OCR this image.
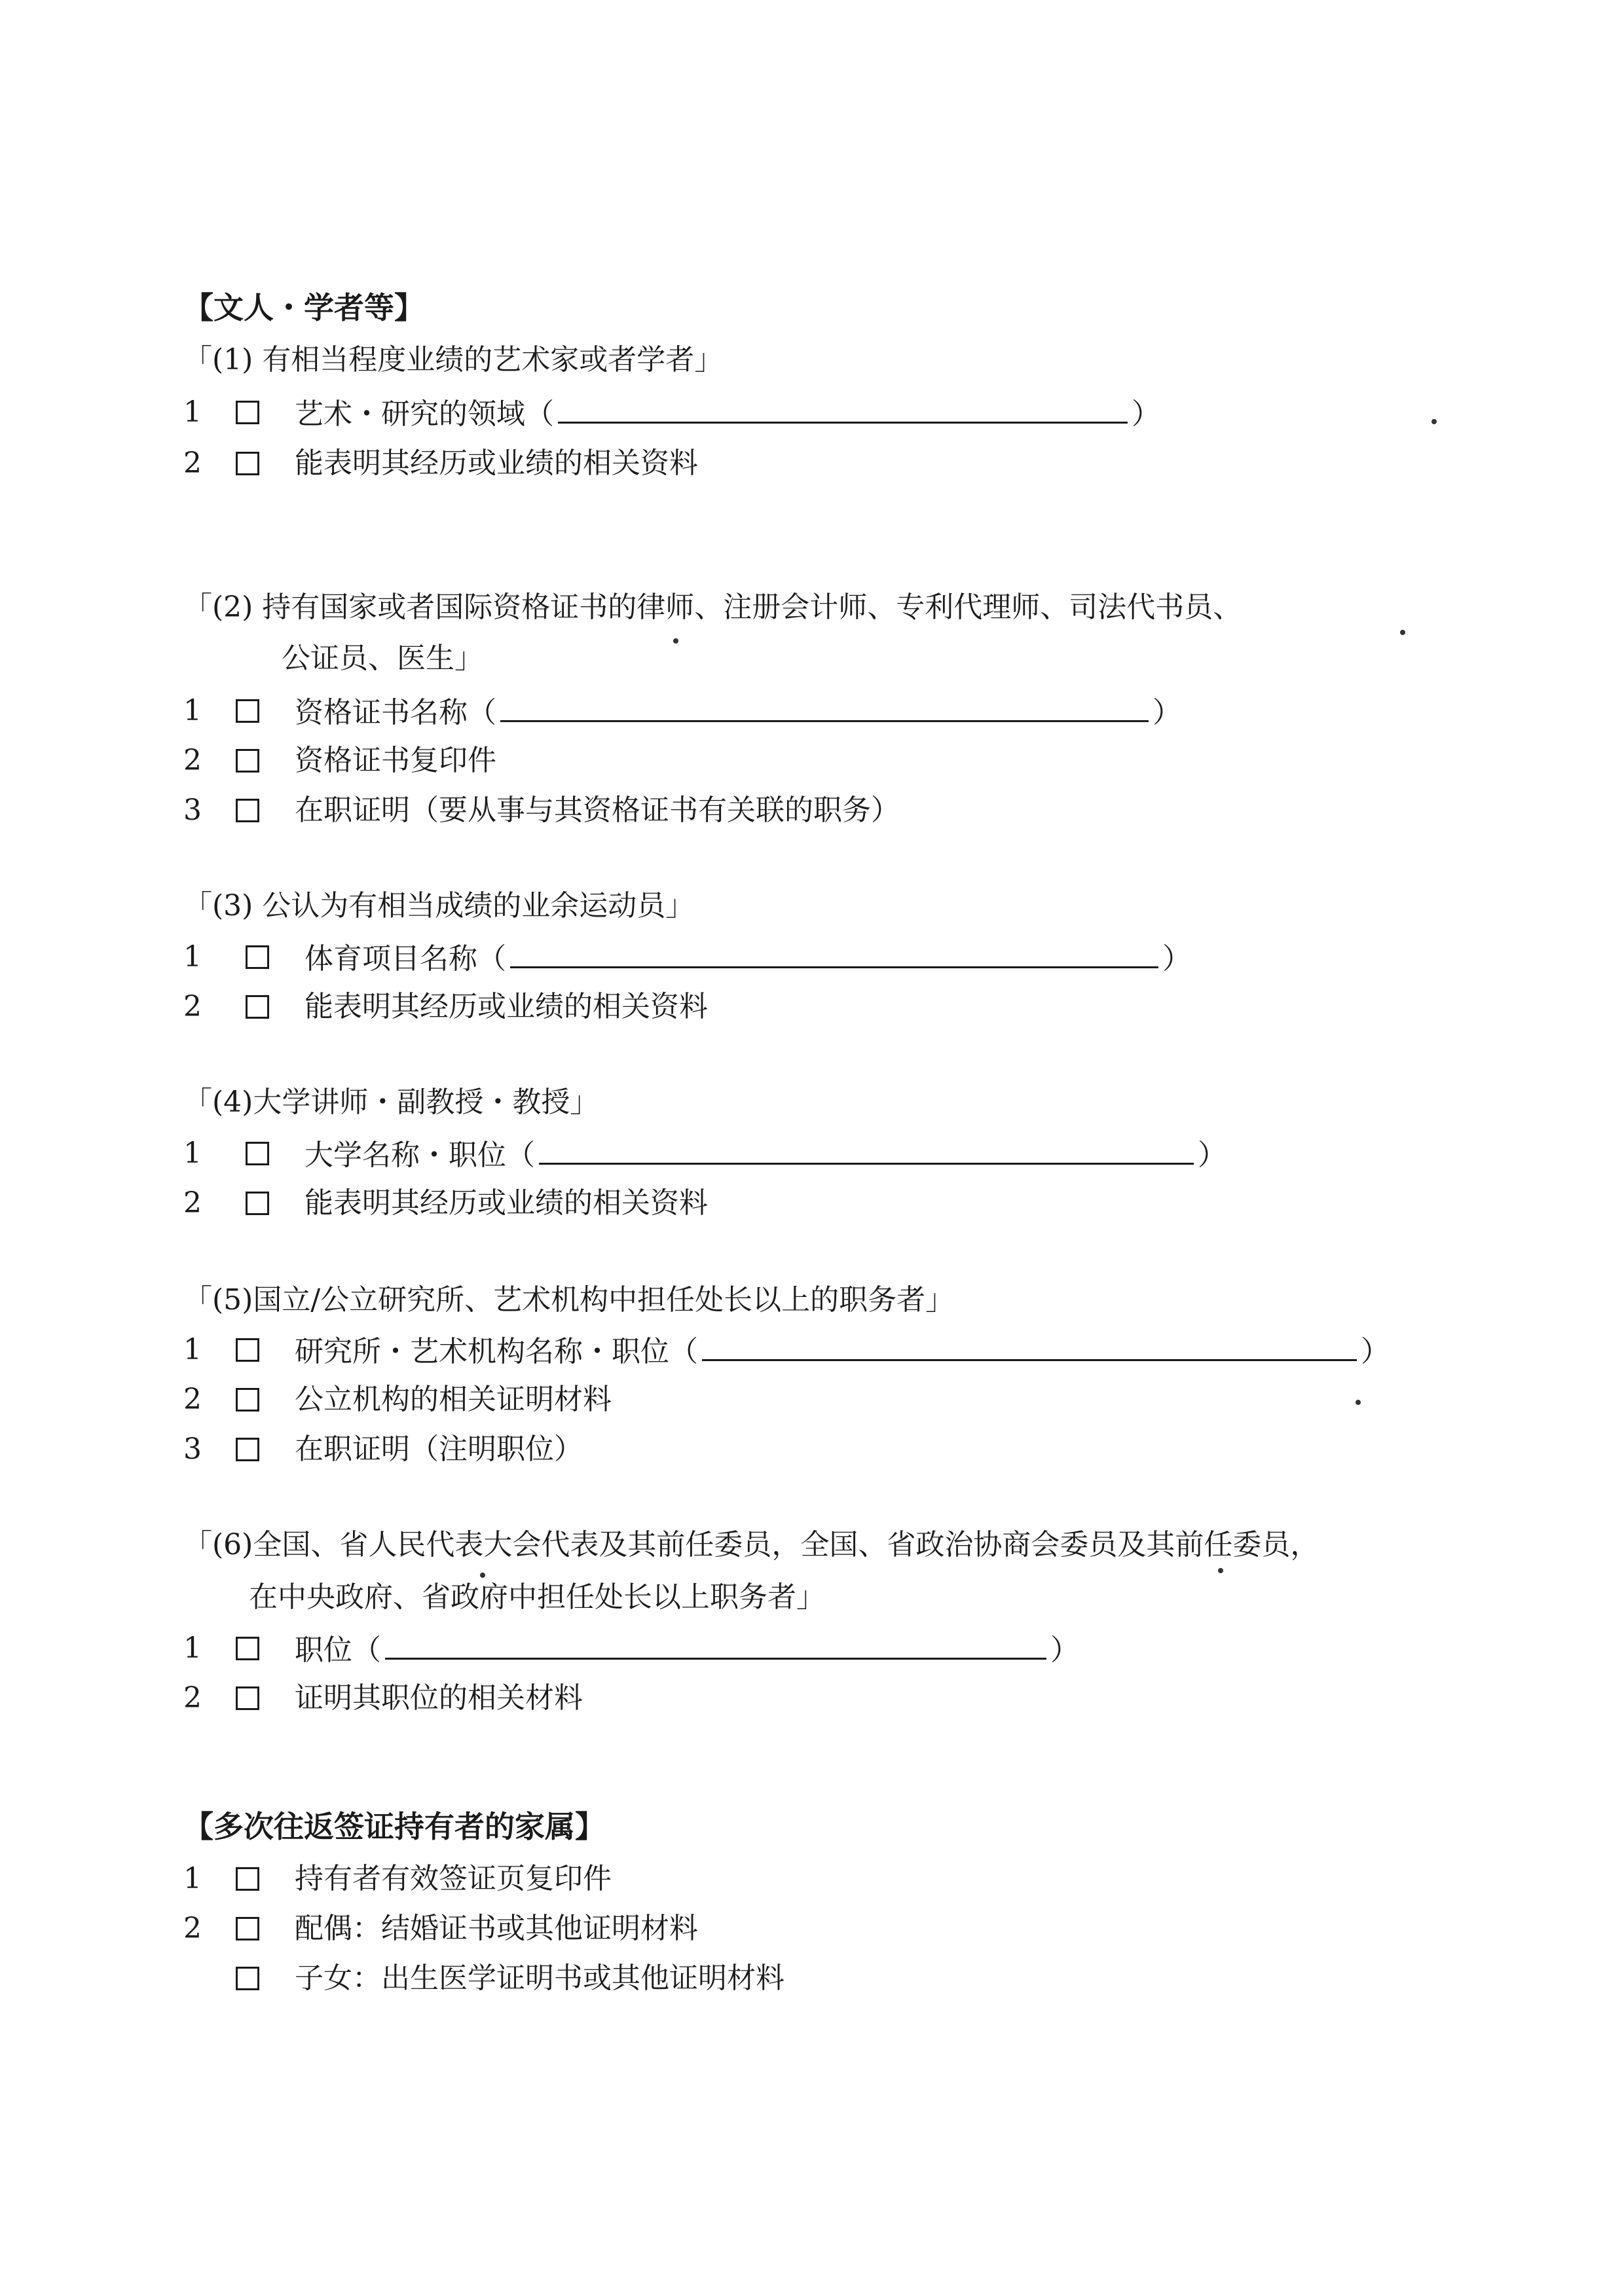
【文人・学者等】
「(1) 有相当程度业绩的艺术家或者学者」
1	艺术・研究的领域（	）
2	能表明其经历或业绩的相关资料
「(2) 持有国家或者国际资格证书的律师、注册会计师、专利代理师、司法代书员、
公证员、医生」
1	资格证书名称（	）
2	资格证书复印件
3	在职证明（要从事与其资格证书有关联的职务）
「(3) 公认为有相当成绩的业余运动员」
1	体育项目名称（	）
2	能表明其经历或业绩的相关资料
「(4)大学讲师・副教授・教授」
1	大学名称・职位（	）
2	能表明其经历或业绩的相关资料
「(5)国立/公立研究所、艺术机构中担任处长以上的职务者」
1	研究所・艺术机构名称・职位（	）
2	公立机构的相关证明材料
3	在职证明（注明职位）
「(6)全国、省人民代表大会代表及其前任委员，全国、省政治协商会委员及其前任委员，
在中央政府、省政府中担任处长以上职务者」
1	职位（	）
2	证明其职位的相关材料
【多次往返签证持有者的家属】
1	持有者有效签证页复印件
2	配偶：结婚证书或其他证明材料
子女：出生医学证明书或其他证明材料
